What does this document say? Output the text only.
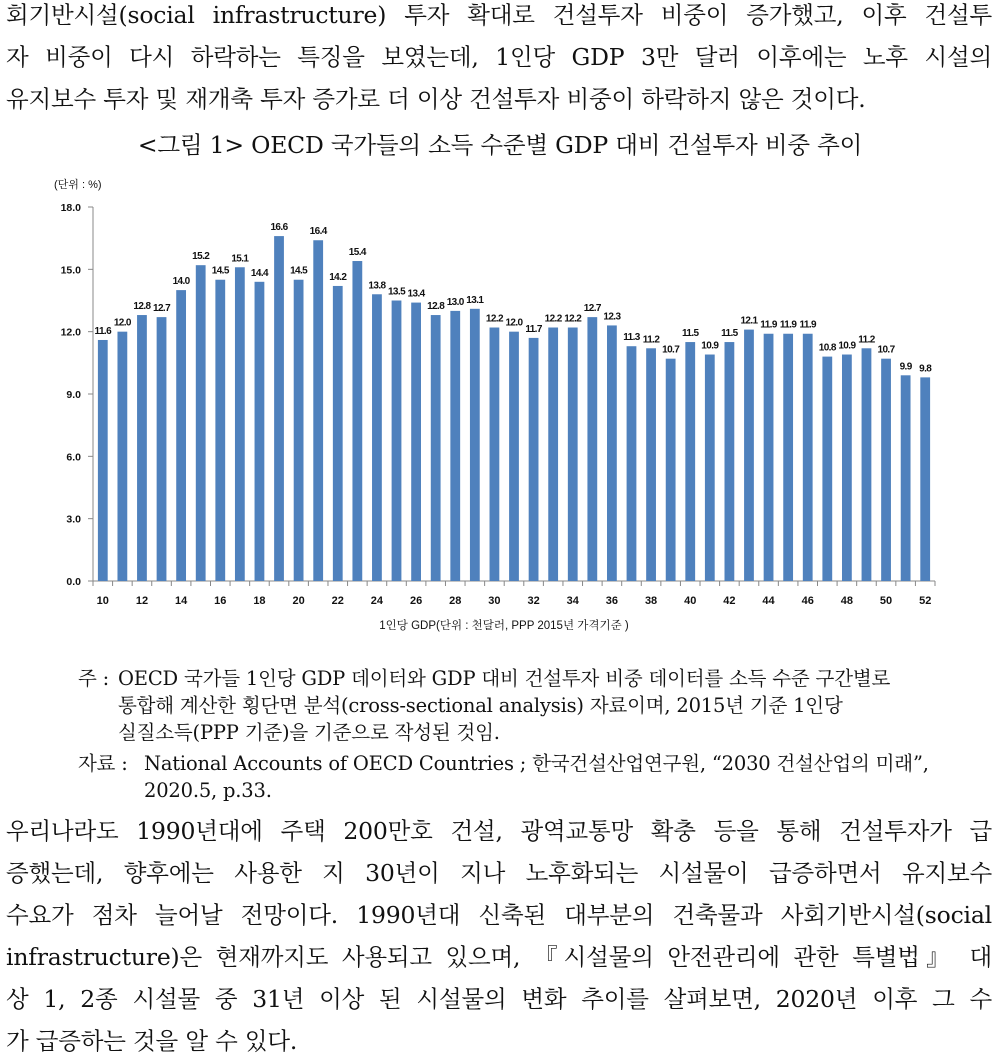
회기반시설(social infrastructure) 투자 확대로 건설투자 비중이 증가했고, 이후 건설투
자 비중이 다시 하락하는 특징을 보였는데, 1인당 GDP 3만 달러 이후에는 노후 시설의
유지보수 투자 및 재개축 투자 증가로 더 이상 건설투자 비중이 하락하지 않은 것이다.

<그림 1> OECD 국가들의 소득 수준별 GDP 대비 건설투자 비중 추이
(단위 : %)
0.0
3.0
6.0
9.0
12.0
15.0
18.0
11.6
12.0
12.8 12.7
14.0
15.2
14.5
15.1
14.4
16.6
14.5
16.4
14.2
15.4
13.8
13.5 13.4
12.8 13.0 13.1
12.2 12.0
11.7
12.2 12.2
12.7
12.3
11.3 11.2
10.7
11.5
10.9
11.5
12.1 11.9 11.9 11.9
10.8 10.9
11.2
10.7
9.9 9.8
10 12 14 16 18 20 22 24 26 28 30 32 34 36 38 40 42 44 46 48 50 52
1인당 GDP(단위 : 천달러, PPP 2015년 가격기준 )
주 : OECD 국가들 1인당 GDP 데이터와 GDP 대비 건설투자 비중 데이터를 소득 수준 구간별로
통합해 계산한 횡단면 분석(cross-sectional analysis) 자료이며, 2015년 기준 1인당
실질소득(PPP 기준)을 기준으로 작성된 것임.
자료 : National Accounts of OECD Countries ; 한국건설산업연구원, “2030 건설산업의 미래”,
2020.5, p.33.

우리나라도 1990년대에 주택 200만호 건설, 광역교통망 확충 등을 통해 건설투자가 급
증했는데, 향후에는 사용한 지 30년이 지나 노후화되는 시설물이 급증하면서 유지보수
수요가 점차 늘어날 전망이다. 1990년대 신축된 대부분의 건축물과 사회기반시설(social
infrastructure)은 현재까지도 사용되고 있으며, 『시설물의 안전관리에 관한 특별법』 대
상 1, 2종 시설물 중 31년 이상 된 시설물의 변화 추이를 살펴보면, 2020년 이후 그 수
가 급증하는 것을 알 수 있다.
